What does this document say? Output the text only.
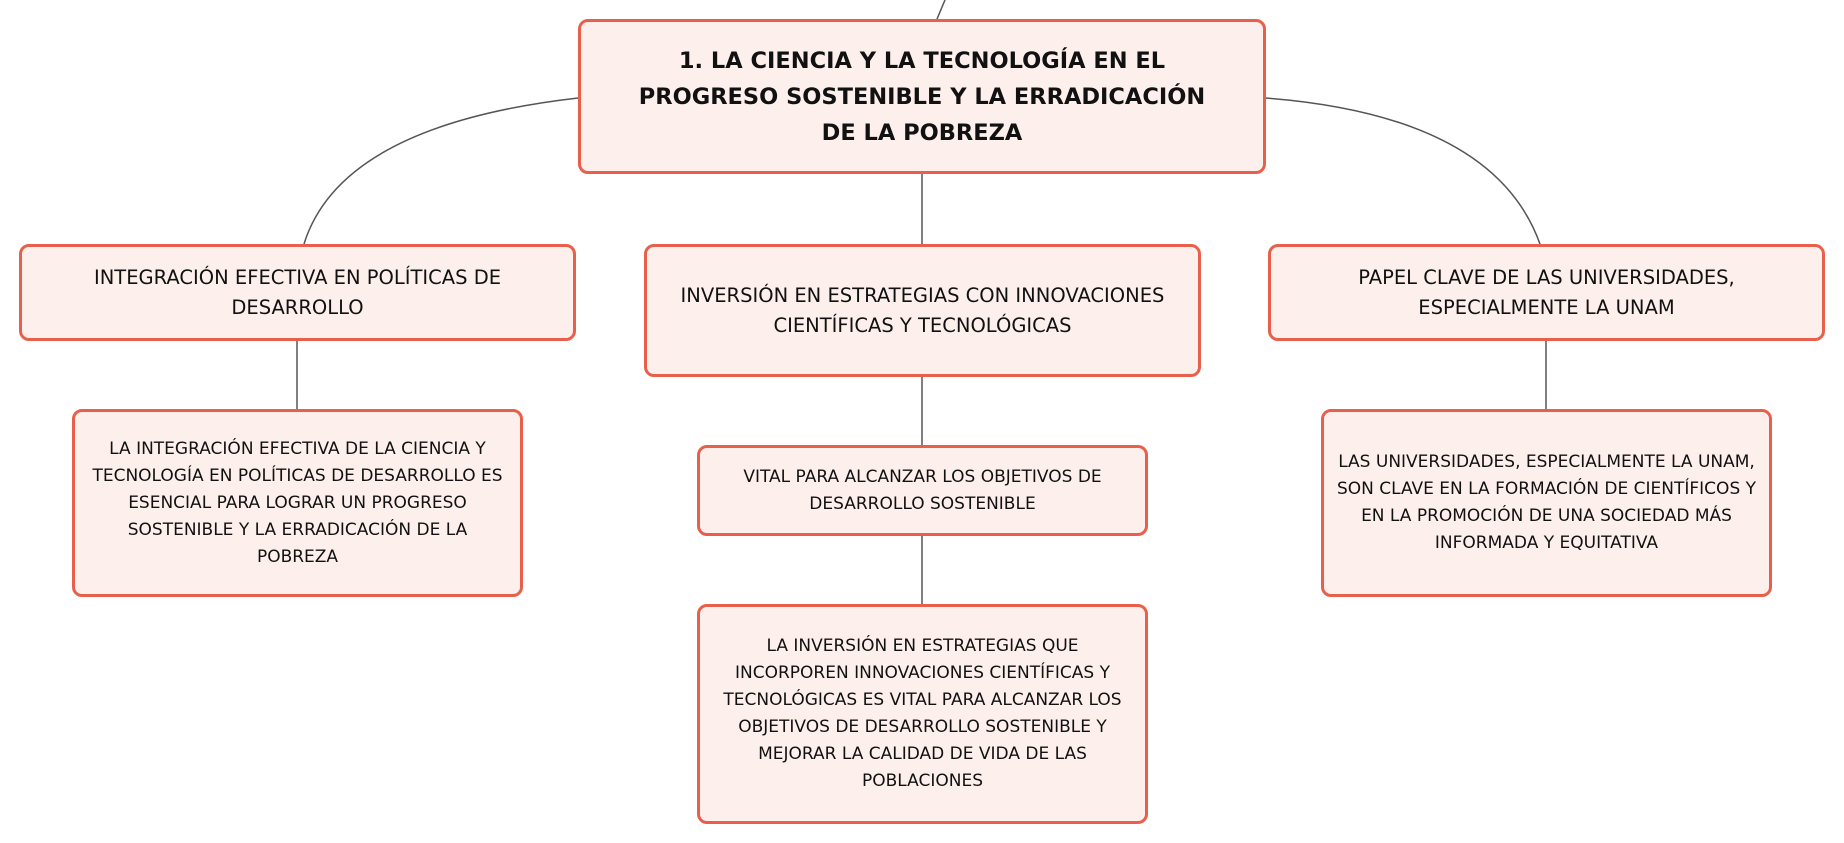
1. LA CIENCIA Y LA TECNOLOGÍA EN EL PROGRESO SOSTENIBLE Y LA ERRADICACIÓN DE LA POBREZA
INTEGRACIÓN EFECTIVA EN POLÍTICAS DE DESARROLLO
INVERSIÓN EN ESTRATEGIAS CON INNOVACIONES CIENTÍFICAS Y TECNOLÓGICAS
PAPEL CLAVE DE LAS UNIVERSIDADES, ESPECIALMENTE LA UNAM
LA INTEGRACIÓN EFECTIVA DE LA CIENCIA Y TECNOLOGÍA EN POLÍTICAS DE DESARROLLO ES ESENCIAL PARA LOGRAR UN PROGRESO SOSTENIBLE Y LA ERRADICACIÓN DE LA POBREZA
VITAL PARA ALCANZAR LOS OBJETIVOS DE DESARROLLO SOSTENIBLE
LA INVERSIÓN EN ESTRATEGIAS QUE INCORPOREN INNOVACIONES CIENTÍFICAS Y TECNOLÓGICAS ES VITAL PARA ALCANZAR LOS OBJETIVOS DE DESARROLLO SOSTENIBLE Y MEJORAR LA CALIDAD DE VIDA DE LAS POBLACIONES
LAS UNIVERSIDADES, ESPECIALMENTE LA UNAM, SON CLAVE EN LA FORMACIÓN DE CIENTÍFICOS Y EN LA PROMOCIÓN DE UNA SOCIEDAD MÁS INFORMADA Y EQUITATIVA
